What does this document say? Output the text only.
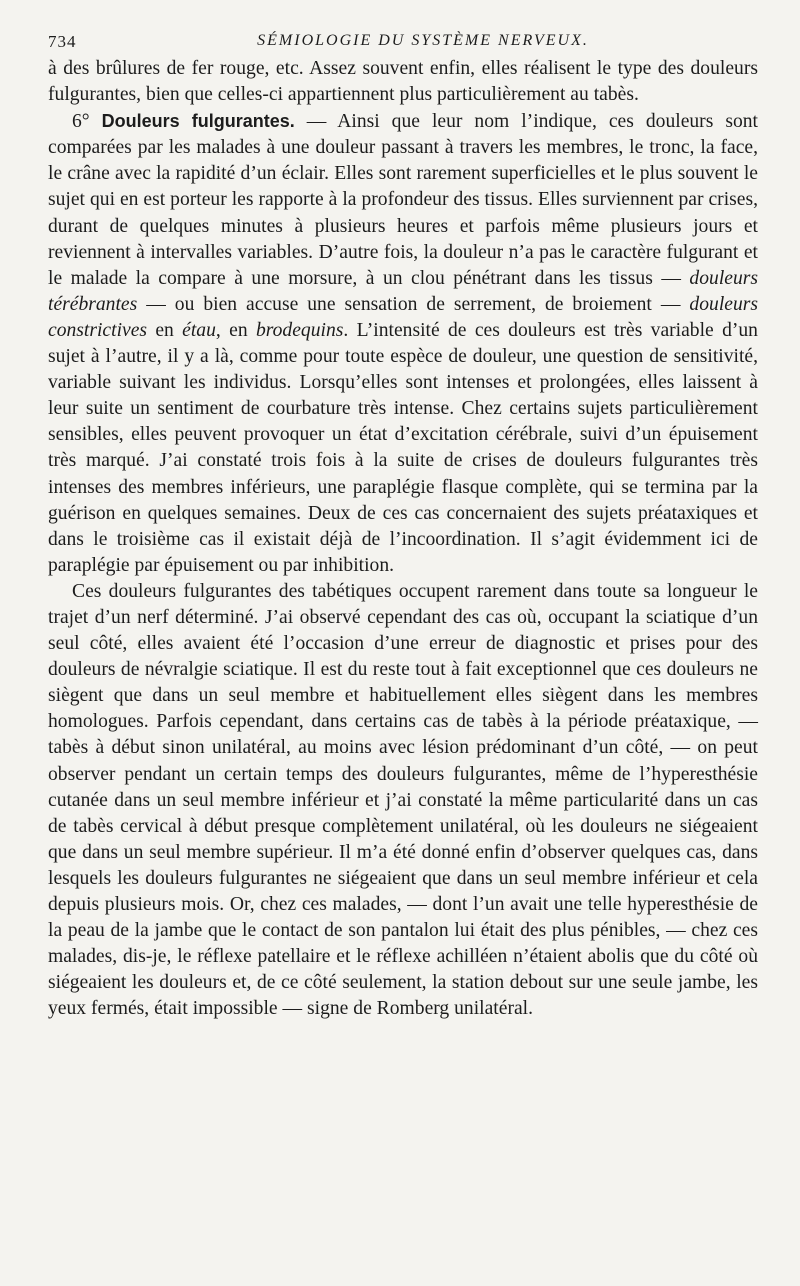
734	SÉMIOLOGIE DU SYSTÈME NERVEUX.

à des brûlures de fer rouge, etc. Assez souvent enfin, elles réalisent le type des douleurs fulgurantes, bien que celles-ci appartiennent plus particulièrement au tabès.

6° Douleurs fulgurantes. — Ainsi que leur nom l’indique, ces douleurs sont comparées par les malades à une douleur passant à travers les membres, le tronc, la face, le crâne avec la rapidité d’un éclair. Elles sont rarement superficielles et le plus souvent le sujet qui en est porteur les rapporte à la profondeur des tissus. Elles surviennent par crises, durant de quelques minutes à plusieurs heures et parfois même plusieurs jours et reviennent à intervalles variables. D’autre fois, la douleur n’a pas le caractère fulgurant et le malade la compare à une morsure, à un clou pénétrant dans les tissus — douleurs térébrantes — ou bien accuse une sensation de serrement, de broiement — douleurs constrictives en étau, en brodequins. L’intensité de ces douleurs est très variable d’un sujet à l’autre, il y a là, comme pour toute espèce de douleur, une question de sensitivité, variable suivant les individus. Lorsqu’elles sont intenses et prolongées, elles laissent à leur suite un sentiment de courbature très intense. Chez certains sujets particulièrement sensibles, elles peuvent provoquer un état d’excitation cérébrale, suivi d’un épuisement très marqué. J’ai constaté trois fois à la suite de crises de douleurs fulgurantes très intenses des membres inférieurs, une paraplégie flasque complète, qui se termina par la guérison en quelques semaines. Deux de ces cas concernaient des sujets préataxiques et dans le troisième cas il existait déjà de l’incoordination. Il s’agit évidemment ici de paraplégie par épuisement ou par inhibition.

Ces douleurs fulgurantes des tabétiques occupent rarement dans toute sa longueur le trajet d’un nerf déterminé. J’ai observé cependant des cas où, occupant la sciatique d’un seul côté, elles avaient été l’occasion d’une erreur de diagnostic et prises pour des douleurs de névralgie sciatique. Il est du reste tout à fait exceptionnel que ces douleurs ne siègent que dans un seul membre et habituellement elles siègent dans les membres homologues. Parfois cependant, dans certains cas de tabès à la période préataxique, — tabès à début sinon unilatéral, au moins avec lésion prédominant d’un côté, — on peut observer pendant un certain temps des douleurs fulgurantes, même de l’hyperesthésie cutanée dans un seul membre inférieur et j’ai constaté la même particularité dans un cas de tabès cervical à début presque complètement unilatéral, où les douleurs ne siégeaient que dans un seul membre supérieur. Il m’a été donné enfin d’observer quelques cas, dans lesquels les douleurs fulgurantes ne siégeaient que dans un seul membre inférieur et cela depuis plusieurs mois. Or, chez ces malades, — dont l’un avait une telle hyperesthésie de la peau de la jambe que le contact de son pantalon lui était des plus pénibles, — chez ces malades, dis-je, le réflexe patellaire et le réflexe achilléen n’étaient abolis que du côté où siégeaient les douleurs et, de ce côté seulement, la station debout sur une seule jambe, les yeux fermés, était impossible — signe de Romberg unilatéral.
